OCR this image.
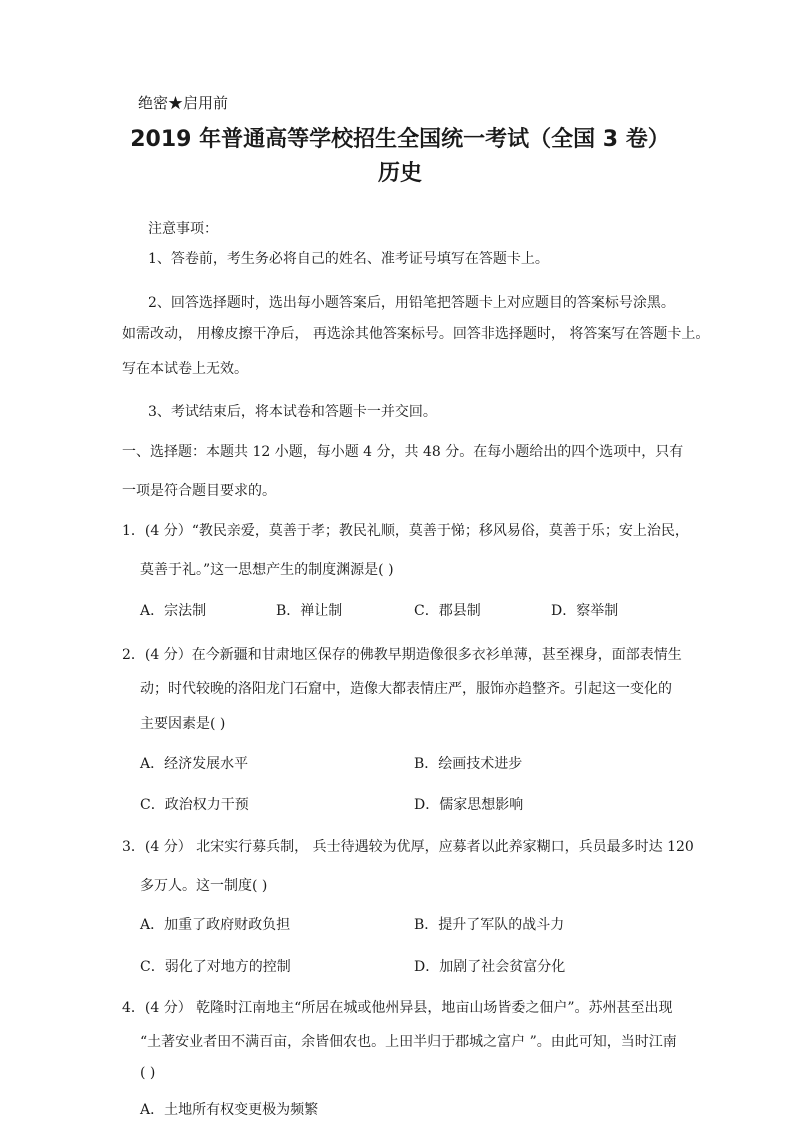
绝密★启用前
2019 年普通高等学校招生全国统一考试（全国 3 卷）
历史
注意事项：
1、答卷前，考生务必将自己的姓名、准考证号填写在答题卡上。
2、回答选择题时，选出每小题答案后，用铅笔把答题卡上对应题目的答案标号涂黑。
如需改动， 用橡皮擦干净后， 再选涂其他答案标号。回答非选择题时， 将答案写在答题卡上。
写在本试卷上无效。
3、考试结束后，将本试卷和答题卡一并交回。
一、选择题：本题共 12 小题，每小题 4 分，共 48 分。在每小题给出的四个选项中，只有
一项是符合题目要求的。
1．(4 分）“教民亲爱，莫善于孝；教民礼顺，莫善于悌；移风易俗，莫善于乐；安上治民，
莫善于礼。”这一思想产生的制度渊源是( )
A．宗法制	B．禅让制	C．郡县制	D．察举制
2．(4 分）在今新疆和甘肃地区保存的佛教早期造像很多衣衫单薄，甚至裸身，面部表情生
动；时代较晚的洛阳龙门石窟中，造像大都表情庄严，服饰亦趋整齐。引起这一变化的
主要因素是( )
A．经济发展水平	B．绘画技术进步
C．政治权力干预	D．儒家思想影响
3．(4 分） 北宋实行募兵制， 兵士待遇较为优厚，应募者以此养家糊口，兵员最多时达 120
多万人。这一制度( )
A．加重了政府财政负担	B．提升了军队的战斗力
C．弱化了对地方的控制	D．加剧了社会贫富分化
4．(4 分） 乾隆时江南地主“所居在城或他州异县，地亩山场皆委之佃户”。苏州甚至出现
“土著安业者田不满百亩，余皆佃农也。上田半归于郡城之富户 ”。由此可知，当时江南
( )
A．土地所有权变更极为频繁
